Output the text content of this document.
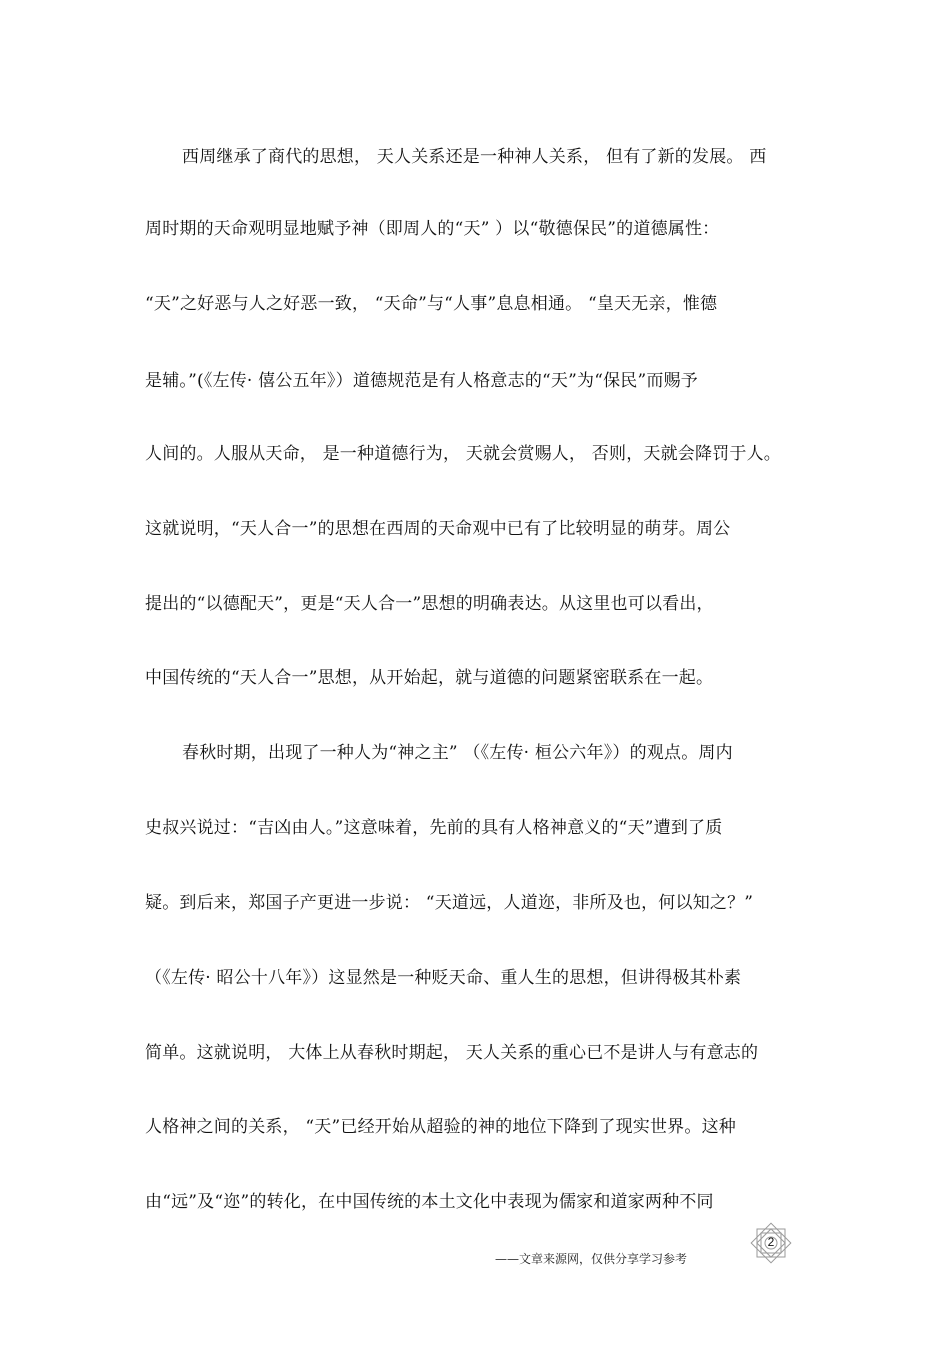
西周继承了商代的思想， 天人关系还是一种神人关系， 但有了新的发展。 西
周时期的天命观明显地赋予神（即周人的“天” ）以“敬德保民”的道德属性：
“天”之好恶与人之好恶一致， “天命”与“人事”息息相通。 “皇天无亲，惟德
是辅。”(《左传· 僖公五年》）道德规范是有人格意志的“天”为“保民”而赐予
人间的。人服从天命， 是一种道德行为， 天就会赏赐人， 否则，天就会降罚于人。
这就说明，“天人合一”的思想在西周的天命观中已有了比较明显的萌芽。周公
提出的“以德配天”，更是“天人合一”思想的明确表达。从这里也可以看出，
中国传统的“天人合一”思想，从开始起，就与道德的问题紧密联系在一起。
春秋时期，出现了一种人为“神之主” （《左传· 桓公六年》）的观点。周内
史叔兴说过：“吉凶由人。”这意味着，先前的具有人格神意义的“天”遭到了质
疑。到后来，郑国子产更进一步说： “天道远，人道迩，非所及也，何以知之？”
（《左传· 昭公十八年》）这显然是一种贬天命、重人生的思想，但讲得极其朴素
简单。这就说明， 大体上从春秋时期起， 天人关系的重心已不是讲人与有意志的
人格神之间的关系， “天”已经开始从超验的神的地位下降到了现实世界。这种
由“远”及“迩”的转化，在中国传统的本土文化中表现为儒家和道家两种不同
——文章来源网，仅供分享学习参考
2
